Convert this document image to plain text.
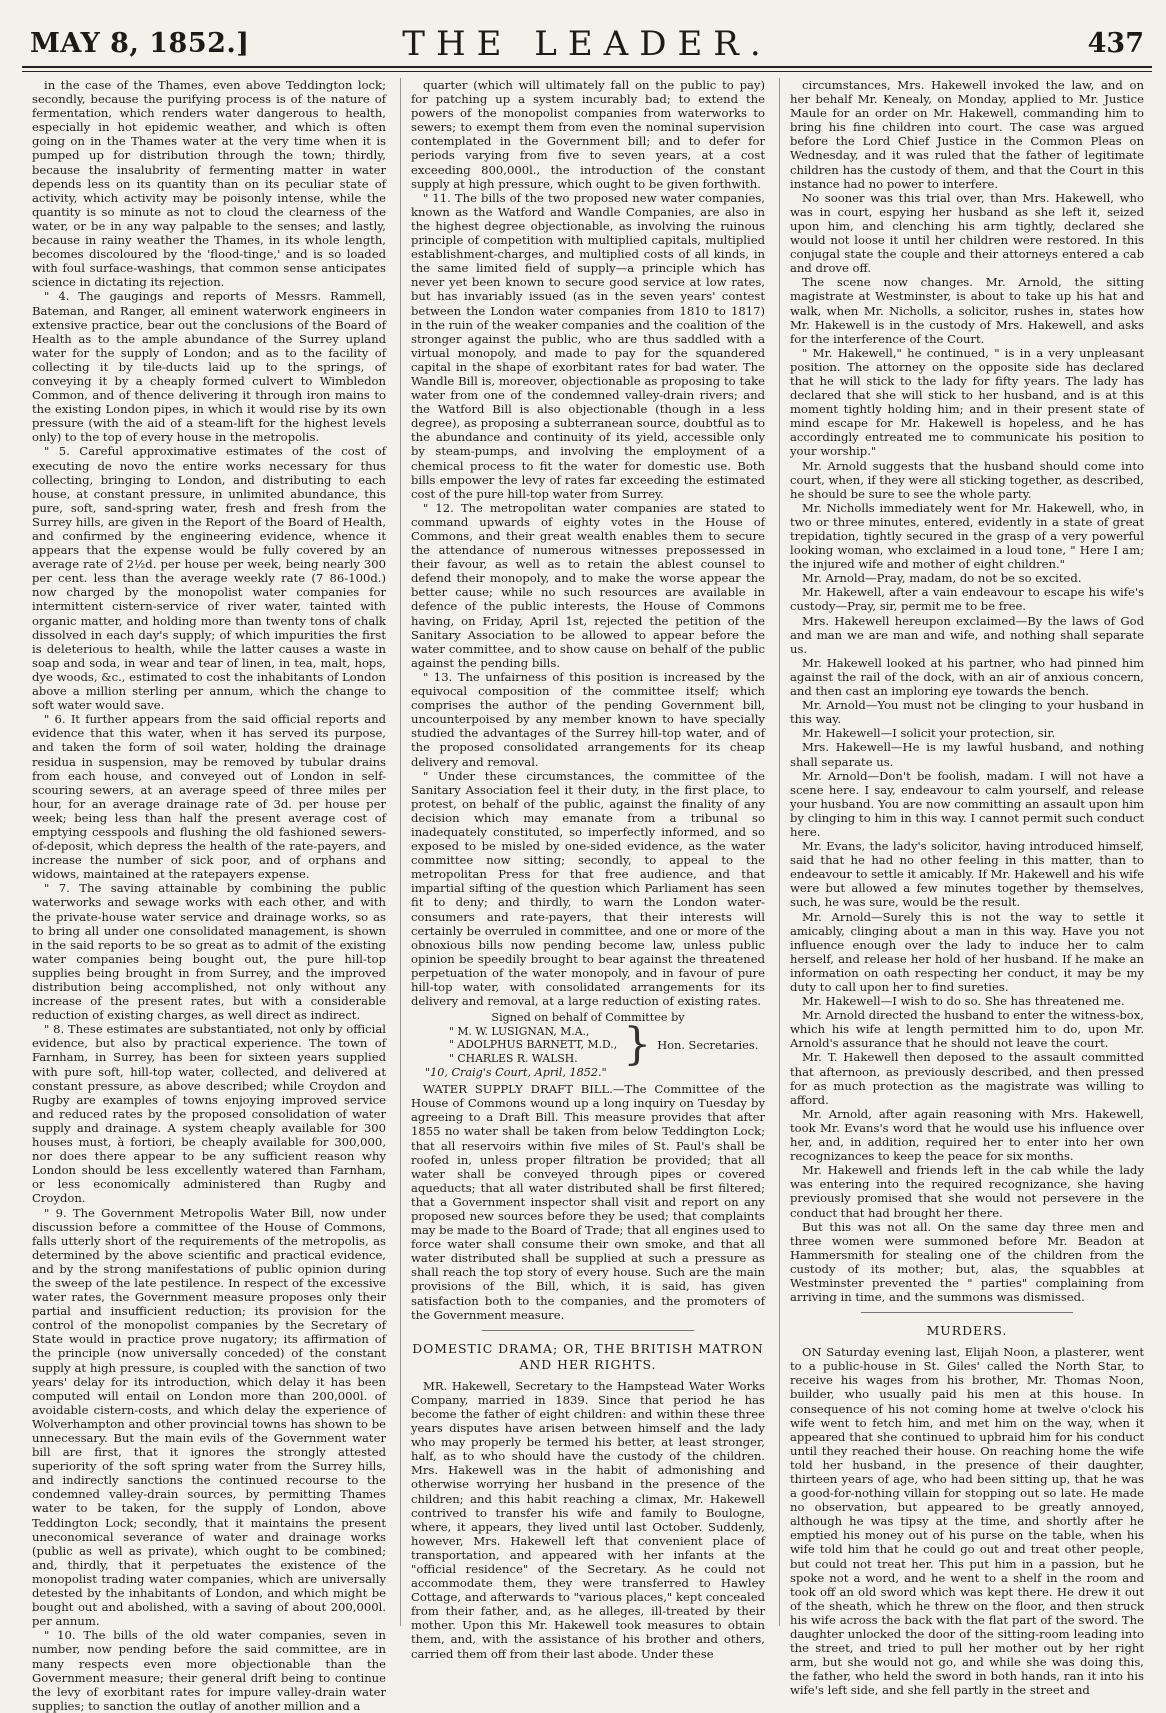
MAY 8, 1852.]	THE LEADER.	437

in the case of the Thames, even above Teddington lock; secondly, because the purifying process is of the nature of fermentation, which renders water dangerous to health, especially in hot epidemic weather, and which is often going on in the Thames water at the very time when it is pumped up for distribution through the town; thirdly, because the insalubrity of fermenting matter in water depends less on its quantity than on its peculiar state of activity, which activity may be poisonly intense, while the quantity is so minute as not to cloud the clearness of the water, or be in any way palpable to the senses; and lastly, because in rainy weather the Thames, in its whole length, becomes discoloured by the 'flood-tinge,' and is so loaded with foul surface-washings, that common sense anticipates science in dictating its rejection.

" 4. The gaugings and reports of Messrs. Rammell, Bateman, and Ranger, all eminent waterwork engineers in extensive practice, bear out the conclusions of the Board of Health as to the ample abundance of the Surrey upland water for the supply of London; and as to the facility of collecting it by tile-ducts laid up to the springs, of conveying it by a cheaply formed culvert to Wimbledon Common, and of thence delivering it through iron mains to the existing London pipes, in which it would rise by its own pressure (with the aid of a steam-lift for the highest levels only) to the top of every house in the metropolis.

" 5. Careful approximative estimates of the cost of executing de novo the entire works necessary for thus collecting, bringing to London, and distributing to each house, at constant pressure, in unlimited abundance, this pure, soft, sand-spring water, fresh and fresh from the Surrey hills, are given in the Report of the Board of Health, and confirmed by the engineering evidence, whence it appears that the expense would be fully covered by an average rate of 2½d. per house per week, being nearly 300 per cent. less than the average weekly rate (7 86-100d.) now charged by the monopolist water companies for intermittent cistern-service of river water, tainted with organic matter, and holding more than twenty tons of chalk dissolved in each day's supply; of which impurities the first is deleterious to health, while the latter causes a waste in soap and soda, in wear and tear of linen, in tea, malt, hops, dye woods, &c., estimated to cost the inhabitants of London above a million sterling per annum, which the change to soft water would save.

" 6. It further appears from the said official reports and evidence that this water, when it has served its purpose, and taken the form of soil water, holding the drainage residua in suspension, may be removed by tubular drains from each house, and conveyed out of London in self-scouring sewers, at an average speed of three miles per hour, for an average drainage rate of 3d. per house per week; being less than half the present average cost of emptying cesspools and flushing the old fashioned sewers-of-deposit, which depress the health of the rate-payers, and increase the number of sick poor, and of orphans and widows, maintained at the ratepayers expense.

" 7. The saving attainable by combining the public waterworks and sewage works with each other, and with the private-house water service and drainage works, so as to bring all under one consolidated management, is shown in the said reports to be so great as to admit of the existing water companies being bought out, the pure hill-top supplies being brought in from Surrey, and the improved distribution being accomplished, not only without any increase of the present rates, but with a considerable reduction of existing charges, as well direct as indirect.

" 8. These estimates are substantiated, not only by official evidence, but also by practical experience. The town of Farnham, in Surrey, has been for sixteen years supplied with pure soft, hill-top water, collected, and delivered at constant pressure, as above described; while Croydon and Rugby are examples of towns enjoying improved service and reduced rates by the proposed consolidation of water supply and drainage. A system cheaply available for 300 houses must, à fortiori, be cheaply available for 300,000, nor does there appear to be any sufficient reason why London should be less excellently watered than Farnham, or less economically administered than Rugby and Croydon.

" 9. The Government Metropolis Water Bill, now under discussion before a committee of the House of Commons, falls utterly short of the requirements of the metropolis, as determined by the above scientific and practical evidence, and by the strong manifestations of public opinion during the sweep of the late pestilence. In respect of the excessive water rates, the Government measure proposes only their partial and insufficient reduction; its provision for the control of the monopolist companies by the Secretary of State would in practice prove nugatory; its affirmation of the principle (now universally conceded) of the constant supply at high pressure, is coupled with the sanction of two years' delay for its introduction, which delay it has been computed will entail on London more than 200,000l. of avoidable cistern-costs, and which delay the experience of Wolverhampton and other provincial towns has shown to be unnecessary. But the main evils of the Government water bill are first, that it ignores the strongly attested superiority of the soft spring water from the Surrey hills, and indirectly sanctions the continued recourse to the condemned valley-drain sources, by permitting Thames water to be taken, for the supply of London, above Teddington Lock; secondly, that it maintains the present uneconomical severance of water and drainage works (public as well as private), which ought to be combined; and, thirdly, that it perpetuates the existence of the monopolist trading water companies, which are universally detested by the inhabitants of London, and which might be bought out and abolished, with a saving of about 200,000l. per annum.

" 10. The bills of the old water companies, seven in number, now pending before the said committee, are in many respects even more objectionable than the Government measure; their general drift being to continue the levy of exorbitant rates for impure valley-drain water supplies; to sanction the outlay of another million and a

quarter (which will ultimately fall on the public to pay) for patching up a system incurably bad; to extend the powers of the monopolist companies from waterworks to sewers; to exempt them from even the nominal supervision contemplated in the Government bill; and to defer for periods varying from five to seven years, at a cost exceeding 800,000l., the introduction of the constant supply at high pressure, which ought to be given forthwith.

" 11. The bills of the two proposed new water companies, known as the Watford and Wandle Companies, are also in the highest degree objectionable, as involving the ruinous principle of competition with multiplied capitals, multiplied establishment-charges, and multiplied costs of all kinds, in the same limited field of supply—a principle which has never yet been known to secure good service at low rates, but has invariably issued (as in the seven years' contest between the London water companies from 1810 to 1817) in the ruin of the weaker companies and the coalition of the stronger against the public, who are thus saddled with a virtual monopoly, and made to pay for the squandered capital in the shape of exorbitant rates for bad water. The Wandle Bill is, moreover, objectionable as proposing to take water from one of the condemned valley-drain rivers; and the Watford Bill is also objectionable (though in a less degree), as proposing a subterranean source, doubtful as to the abundance and continuity of its yield, accessible only by steam-pumps, and involving the employment of a chemical process to fit the water for domestic use. Both bills empower the levy of rates far exceeding the estimated cost of the pure hill-top water from Surrey.

" 12. The metropolitan water companies are stated to command upwards of eighty votes in the House of Commons, and their great wealth enables them to secure the attendance of numerous witnesses prepossessed in their favour, as well as to retain the ablest counsel to defend their monopoly, and to make the worse appear the better cause; while no such resources are available in defence of the public interests, the House of Commons having, on Friday, April 1st, rejected the petition of the Sanitary Association to be allowed to appear before the water committee, and to show cause on behalf of the public against the pending bills.

" 13. The unfairness of this position is increased by the equivocal composition of the committee itself; which comprises the author of the pending Government bill, uncounterpoised by any member known to have specially studied the advantages of the Surrey hill-top water, and of the proposed consolidated arrangements for its cheap delivery and removal.

" Under these circumstances, the committee of the Sanitary Association feel it their duty, in the first place, to protest, on behalf of the public, against the finality of any decision which may emanate from a tribunal so inadequately constituted, so imperfectly informed, and so exposed to be misled by one-sided evidence, as the water committee now sitting; secondly, to appeal to the metropolitan Press for that free audience, and that impartial sifting of the question which Parliament has seen fit to deny; and thirdly, to warn the London water-consumers and rate-payers, that their interests will certainly be overruled in committee, and one or more of the obnoxious bills now pending become law, unless public opinion be speedily brought to bear against the threatened perpetuation of the water monopoly, and in favour of pure hill-top water, with consolidated arrangements for its delivery and removal, at a large reduction of existing rates.

Signed on behalf of Committee by
" M. W. LUSIGNAN, M.A.,
" ADOLPHUS BARNETT, M.D.,
" CHARLES R. WALSH.	} Hon. Secretaries.
"10, Craig's Court, April, 1852."

WATER SUPPLY DRAFT BILL.—The Committee of the House of Commons wound up a long inquiry on Tuesday by agreeing to a Draft Bill. This measure provides that after 1855 no water shall be taken from below Teddington Lock; that all reservoirs within five miles of St. Paul's shall be roofed in, unless proper filtration be provided; that all water shall be conveyed through pipes or covered aqueducts; that all water distributed shall be first filtered; that a Government inspector shall visit and report on any proposed new sources before they be used; that complaints may be made to the Board of Trade; that all engines used to force water shall consume their own smoke, and that all water distributed shall be supplied at such a pressure as shall reach the top story of every house. Such are the main provisions of the Bill, which, it is said, has given satisfaction both to the companies, and the promoters of the Government measure.

DOMESTIC DRAMA; OR, THE BRITISH MATRON AND HER RIGHTS.

MR. Hakewell, Secretary to the Hampstead Water Works Company, married in 1839. Since that period he has become the father of eight children: and within these three years disputes have arisen between himself and the lady who may properly be termed his better, at least stronger, half, as to who should have the custody of the children. Mrs. Hakewell was in the habit of admonishing and otherwise worrying her husband in the presence of the children; and this habit reaching a climax, Mr. Hakewell contrived to transfer his wife and family to Boulogne, where, it appears, they lived until last October. Suddenly, however, Mrs. Hakewell left that convenient place of transportation, and appeared with her infants at the "official residence" of the Secretary. As he could not accommodate them, they were transferred to Hawley Cottage, and afterwards to "various places," kept concealed from their father, and, as he alleges, ill-treated by their mother. Upon this Mr. Hakewell took measures to obtain them, and, with the assistance of his brother and others, carried them off from their last abode. Under these

circumstances, Mrs. Hakewell invoked the law, and on her behalf Mr. Kenealy, on Monday, applied to Mr. Justice Maule for an order on Mr. Hakewell, commanding him to bring his fine children into court. The case was argued before the Lord Chief Justice in the Common Pleas on Wednesday, and it was ruled that the father of legitimate children has the custody of them, and that the Court in this instance had no power to interfere.

No sooner was this trial over, than Mrs. Hakewell, who was in court, espying her husband as she left it, seized upon him, and clenching his arm tightly, declared she would not loose it until her children were restored. In this conjugal state the couple and their attorneys entered a cab and drove off.

The scene now changes. Mr. Arnold, the sitting magistrate at Westminster, is about to take up his hat and walk, when Mr. Nicholls, a solicitor, rushes in, states how Mr. Hakewell is in the custody of Mrs. Hakewell, and asks for the interference of the Court.

" Mr. Hakewell," he continued, " is in a very unpleasant position. The attorney on the opposite side has declared that he will stick to the lady for fifty years. The lady has declared that she will stick to her husband, and is at this moment tightly holding him; and in their present state of mind escape for Mr. Hakewell is hopeless, and he has accordingly entreated me to communicate his position to your worship."

Mr. Arnold suggests that the husband should come into court, when, if they were all sticking together, as described, he should be sure to see the whole party.

Mr. Nicholls immediately went for Mr. Hakewell, who, in two or three minutes, entered, evidently in a state of great trepidation, tightly secured in the grasp of a very powerful looking woman, who exclaimed in a loud tone, " Here I am; the injured wife and mother of eight children."

Mr. Arnold—Pray, madam, do not be so excited.

Mr. Hakewell, after a vain endeavour to escape his wife's custody—Pray, sir, permit me to be free.

Mrs. Hakewell hereupon exclaimed—By the laws of God and man we are man and wife, and nothing shall separate us.

Mr. Hakewell looked at his partner, who had pinned him against the rail of the dock, with an air of anxious concern, and then cast an imploring eye towards the bench.

Mr. Arnold—You must not be clinging to your husband in this way.

Mr. Hakewell—I solicit your protection, sir.

Mrs. Hakewell—He is my lawful husband, and nothing shall separate us.

Mr. Arnold—Don't be foolish, madam. I will not have a scene here. I say, endeavour to calm yourself, and release your husband. You are now committing an assault upon him by clinging to him in this way. I cannot permit such conduct here.

Mr. Evans, the lady's solicitor, having introduced himself, said that he had no other feeling in this matter, than to endeavour to settle it amicably. If Mr. Hakewell and his wife were but allowed a few minutes together by themselves, such, he was sure, would be the result.

Mr. Arnold—Surely this is not the way to settle it amicably, clinging about a man in this way. Have you not influence enough over the lady to induce her to calm herself, and release her hold of her husband. If he make an information on oath respecting her conduct, it may be my duty to call upon her to find sureties.

Mr. Hakewell—I wish to do so. She has threatened me.

Mr. Arnold directed the husband to enter the witness-box, which his wife at length permitted him to do, upon Mr. Arnold's assurance that he should not leave the court.

Mr. T. Hakewell then deposed to the assault committed that afternoon, as previously described, and then pressed for as much protection as the magistrate was willing to afford.

Mr. Arnold, after again reasoning with Mrs. Hakewell, took Mr. Evans's word that he would use his influence over her, and, in addition, required her to enter into her own recognizances to keep the peace for six months.

Mr. Hakewell and friends left in the cab while the lady was entering into the required recognizance, she having previously promised that she would not persevere in the conduct that had brought her there.

But this was not all. On the same day three men and three women were summoned before Mr. Beadon at Hammersmith for stealing one of the children from the custody of its mother; but, alas, the squabbles at Westminster prevented the " parties" complaining from arriving in time, and the summons was dismissed.

MURDERS.

ON Saturday evening last, Elijah Noon, a plasterer, went to a public-house in St. Giles' called the North Star, to receive his wages from his brother, Mr. Thomas Noon, builder, who usually paid his men at this house. In consequence of his not coming home at twelve o'clock his wife went to fetch him, and met him on the way, when it appeared that she continued to upbraid him for his conduct until they reached their house. On reaching home the wife told her husband, in the presence of their daughter, thirteen years of age, who had been sitting up, that he was a good-for-nothing villain for stopping out so late. He made no observation, but appeared to be greatly annoyed, although he was tipsy at the time, and shortly after he emptied his money out of his purse on the table, when his wife told him that he could go out and treat other people, but could not treat her. This put him in a passion, but he spoke not a word, and he went to a shelf in the room and took off an old sword which was kept there. He drew it out of the sheath, which he threw on the floor, and then struck his wife across the back with the flat part of the sword. The daughter unlocked the door of the sitting-room leading into the street, and tried to pull her mother out by her right arm, but she would not go, and while she was doing this, the father, who held the sword in both hands, ran it into his wife's left side, and she fell partly in the street and
